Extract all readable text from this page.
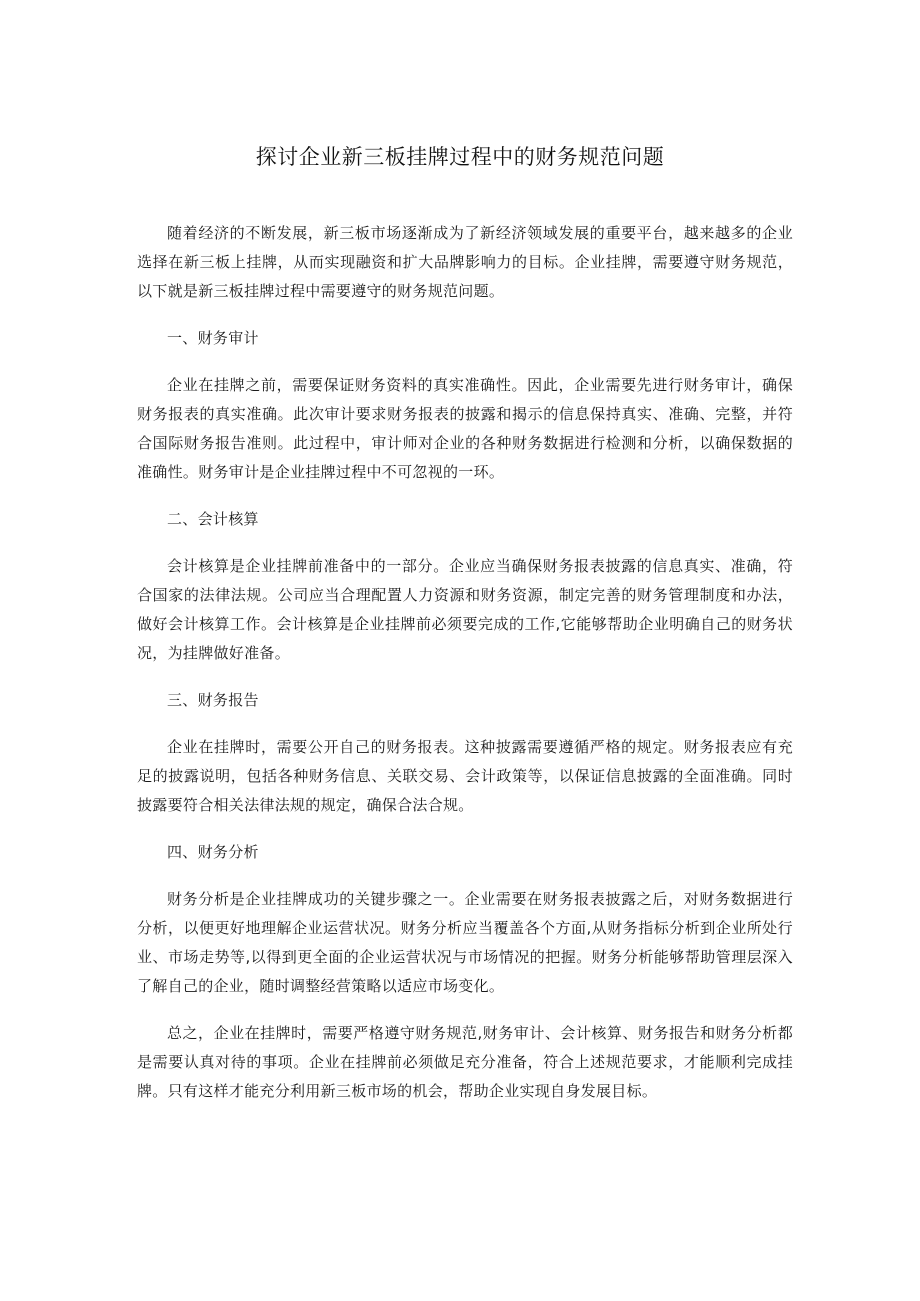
探讨企业新三板挂牌过程中的财务规范问题

随着经济的不断发展，新三板市场逐渐成为了新经济领域发展的重要平台，越来越多的企业选择在新三板上挂牌，从而实现融资和扩大品牌影响力的目标。企业挂牌，需要遵守财务规范，以下就是新三板挂牌过程中需要遵守的财务规范问题。

一、财务审计

企业在挂牌之前，需要保证财务资料的真实准确性。因此，企业需要先进行财务审计，确保财务报表的真实准确。此次审计要求财务报表的披露和揭示的信息保持真实、准确、完整，并符合国际财务报告准则。此过程中，审计师对企业的各种财务数据进行检测和分析，以确保数据的准确性。财务审计是企业挂牌过程中不可忽视的一环。

二、会计核算

会计核算是企业挂牌前准备中的一部分。企业应当确保财务报表披露的信息真实、准确，符合国家的法律法规。公司应当合理配置人力资源和财务资源，制定完善的财务管理制度和办法，做好会计核算工作。会计核算是企业挂牌前必须要完成的工作,它能够帮助企业明确自己的财务状况，为挂牌做好准备。

三、财务报告

企业在挂牌时，需要公开自己的财务报表。这种披露需要遵循严格的规定。财务报表应有充足的披露说明，包括各种财务信息、关联交易、会计政策等，以保证信息披露的全面准确。同时披露要符合相关法律法规的规定，确保合法合规。

四、财务分析

财务分析是企业挂牌成功的关键步骤之一。企业需要在财务报表披露之后，对财务数据进行分析，以便更好地理解企业运营状况。财务分析应当覆盖各个方面,从财务指标分析到企业所处行业、市场走势等,以得到更全面的企业运营状况与市场情况的把握。财务分析能够帮助管理层深入了解自己的企业，随时调整经营策略以适应市场变化。

总之，企业在挂牌时，需要严格遵守财务规范,财务审计、会计核算、财务报告和财务分析都是需要认真对待的事项。企业在挂牌前必须做足充分准备，符合上述规范要求，才能顺利完成挂牌。只有这样才能充分利用新三板市场的机会，帮助企业实现自身发展目标。
